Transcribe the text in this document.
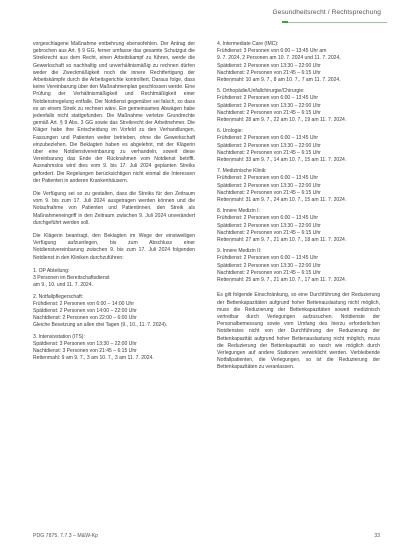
Gesundheitsrecht / Rechtsprechung

vorgeschlagene Maßnahme entbehrung ebensofehlen. Der Antrag der gebrochen aus Art. § 9 GG, ferner umfasse das gesamte Schutzgut die Streikrecht aus dem Recht, einen Arbeitskampf zu führen, werde die Gewerkschaft so nachhaltig und unverhältnismäßig zu rechnen dürfen weder die Zweckmäßigkeit noch die innere Rechtfertigung der Arbeitskämpfe durch die Arbeitsgerichte kontrolliert. Daraus folge, dass keine Vereinbarung über den Maßnahmenplan geschlossen werde. Eine Prüfung der Verhältnismäßigkeit und Rechtmäßigkeit einer Notdienstregelung entfalle. Der Notdienst gegenüber sei falsch, so dass es an einem Streik zu rechnen wäre. Ein gemeinsames Abwägen habe jedenfalls nicht stattgefunden. Die Maßnahme verletze Grundrechte gemäß Art. § 9 Abs. 3 GG sowie das Streikrecht der Arbeitnehmer. Die Kläger habe ihre Entscheidung im Vorfeld zu den Verhandlungen, Fassungen und Patienten weiter betrieben, ohne die Gewerkschaft einzubeziehen. Die Beklagten haben es abgelehnt, mit der Klägerin über eine Notdienstvereinbarung zu verhandeln, soweit diese Vereinbarung das Ende der Rücknahmen vom Notdienst betrifft. Ausnahmslos wird dies vom 9. bis 17. Juli 2024 geplanten Streiks gefordert. Die Regelungen berücksichtigen nicht einmal die Interessen der Patienten in anderen Krankenhäusern.

Die Verfügung sei so zu gestalten, dass die Streiks für den Zeitraum vom 9. bis zum 17. Juli 2024 ausgetragen werden können und die Notaufnahme von Patienten und Patientinnen, den Streik als Maßnahmeneingriff in den Zeitraum zwischen 9. Juli 2024 unverändert durchgeführt werden soll.

Die Klägerin beantragt, den Beklagten im Wege der einstweiligen Verfügung aufzuerlegen, bis zum Abschluss einer Notdienstvereinbarung zwischen 9. bis zum 17. Juli 2024 folgenden Notdienst in den Kliniken durchzuführen:

1. OP Abteilung:

3 Personen im Bereitschaftsdienst
am 9., 10. und 11. 7. 2024.

2. Notfallpflegerschaft:

Frühdienst: 2 Personen von 6:00 – 14:00 Uhr
Spätdienst: 2 Personen von 14:00 – 22:00 Uhr
Nachtdienst: 2 Personen von 22:00 – 6:00 Uhr
Gleiche Besetzung an allen drei Tagen (9., 10., 11. 7. 2024).

3. Intensivstation (ITS):

Spätdienst: 3 Personen von 13:30 – 22:00 Uhr
Nachtdienst: 3 Personen von 21:45 – 6:15 Uhr
Rettenmahl: 9 am 9. 7., 3 am 10. 7., 3 am 11. 7. 2024.

4. Intermediate Care (IMC):

Frühdienst: 3 Personen von 6:00 – 13:45 Uhr am
9. 7. 2024, 2 Personen am 10. 7. 2024 und 11. 7. 2024,
Spätdienst: 2 Personen von 13:30 – 22:00 Uhr
Nachtdienst: 2 Personen von 21:45 – 6:15 Uhr
Rettenmahl: 10 am 9. 7., 8 am 10. 7., 7 am 11. 7. 2024.

5. Orthopädie/Unfallchirurgie/Chirurgie:

Frühdienst: 2 Personen von 6:00 – 13:45 Uhr
Spätdienst: 2 Personen von 13:30 – 22:00 Uhr
Nachtdienst: 2 Personen von 21:45 – 6:15 Uhr
Rettenmahl: 28 am 9. 7., 22 am 10. 7., 19 am 11. 7. 2024.

6. Urologie:

Frühdienst: 2 Personen von 6:00 – 13:45 Uhr
Spätdienst: 2 Personen von 13:30 – 22:00 Uhr
Nachtdienst: 2 Personen von 21:45 – 6:15 Uhr
Rettenmahl: 33 am 9. 7., 14 am 10. 7., 15 am 11. 7. 2024.

7. Medizinische Klinik:

Frühdienst: 2 Personen von 6:00 – 13:45 Uhr
Spätdienst: 2 Personen von 13:30 – 22:00 Uhr
Nachtdienst: 2 Personen von 21:45 – 6:15 Uhr
Rettenmahl: 31 am 9. 7., 24 am 10. 7., 15 am 11. 7. 2024.

8. Innere Medizin I:

Frühdienst: 2 Personen von 6:00 – 13:45 Uhr
Spätdienst: 2 Personen von 13:30 – 22:00 Uhr
Nachtdienst: 2 Personen von 21:45 – 6:15 Uhr
Rettenmahl: 27 am 9. 7., 21 am 10. 7., 18 am 11. 7. 2024.

9. Innere Medizin II:

Frühdienst: 2 Personen von 6:00 – 13:45 Uhr
Spätdienst: 2 Personen von 13:30 – 22:00 Uhr
Nachtdienst: 2 Personen von 21:45 – 6:15 Uhr
Rettenmahl: 25 am 9. 7., 21 am 10. 7., 17 am 11. 7. 2024.

Es gilt folgende Einschränkung, so eine Durchführung der Reduzierung der Bettenkapazitäten aufgrund hoher Bettenauslastung nicht möglich, muss die Reduzierung der Bettenkapazitäten soweit medizinisch vertretbar durch Verlegungen aufzusuchen. Notdienste der Personalbemessung sowie vom Umfang des hierzu erforderlichen Notdienstes nicht von der Durchführung der Reduzierung der Bettenkapazität aufgrund hoher Bettenauslastung nicht möglich, muss die Reduzierung der Bettenkapazität so rasch wie möglich durch Verlegungen auf andere Stationen verwirklicht werden. Verbleibende Notfallpatienten, die Verlegungen, so ist die Reduzierung der Bettenkapazitäten zu veranlassen.

PDG 7875, 7.7.3 – M&W-Kp	33
